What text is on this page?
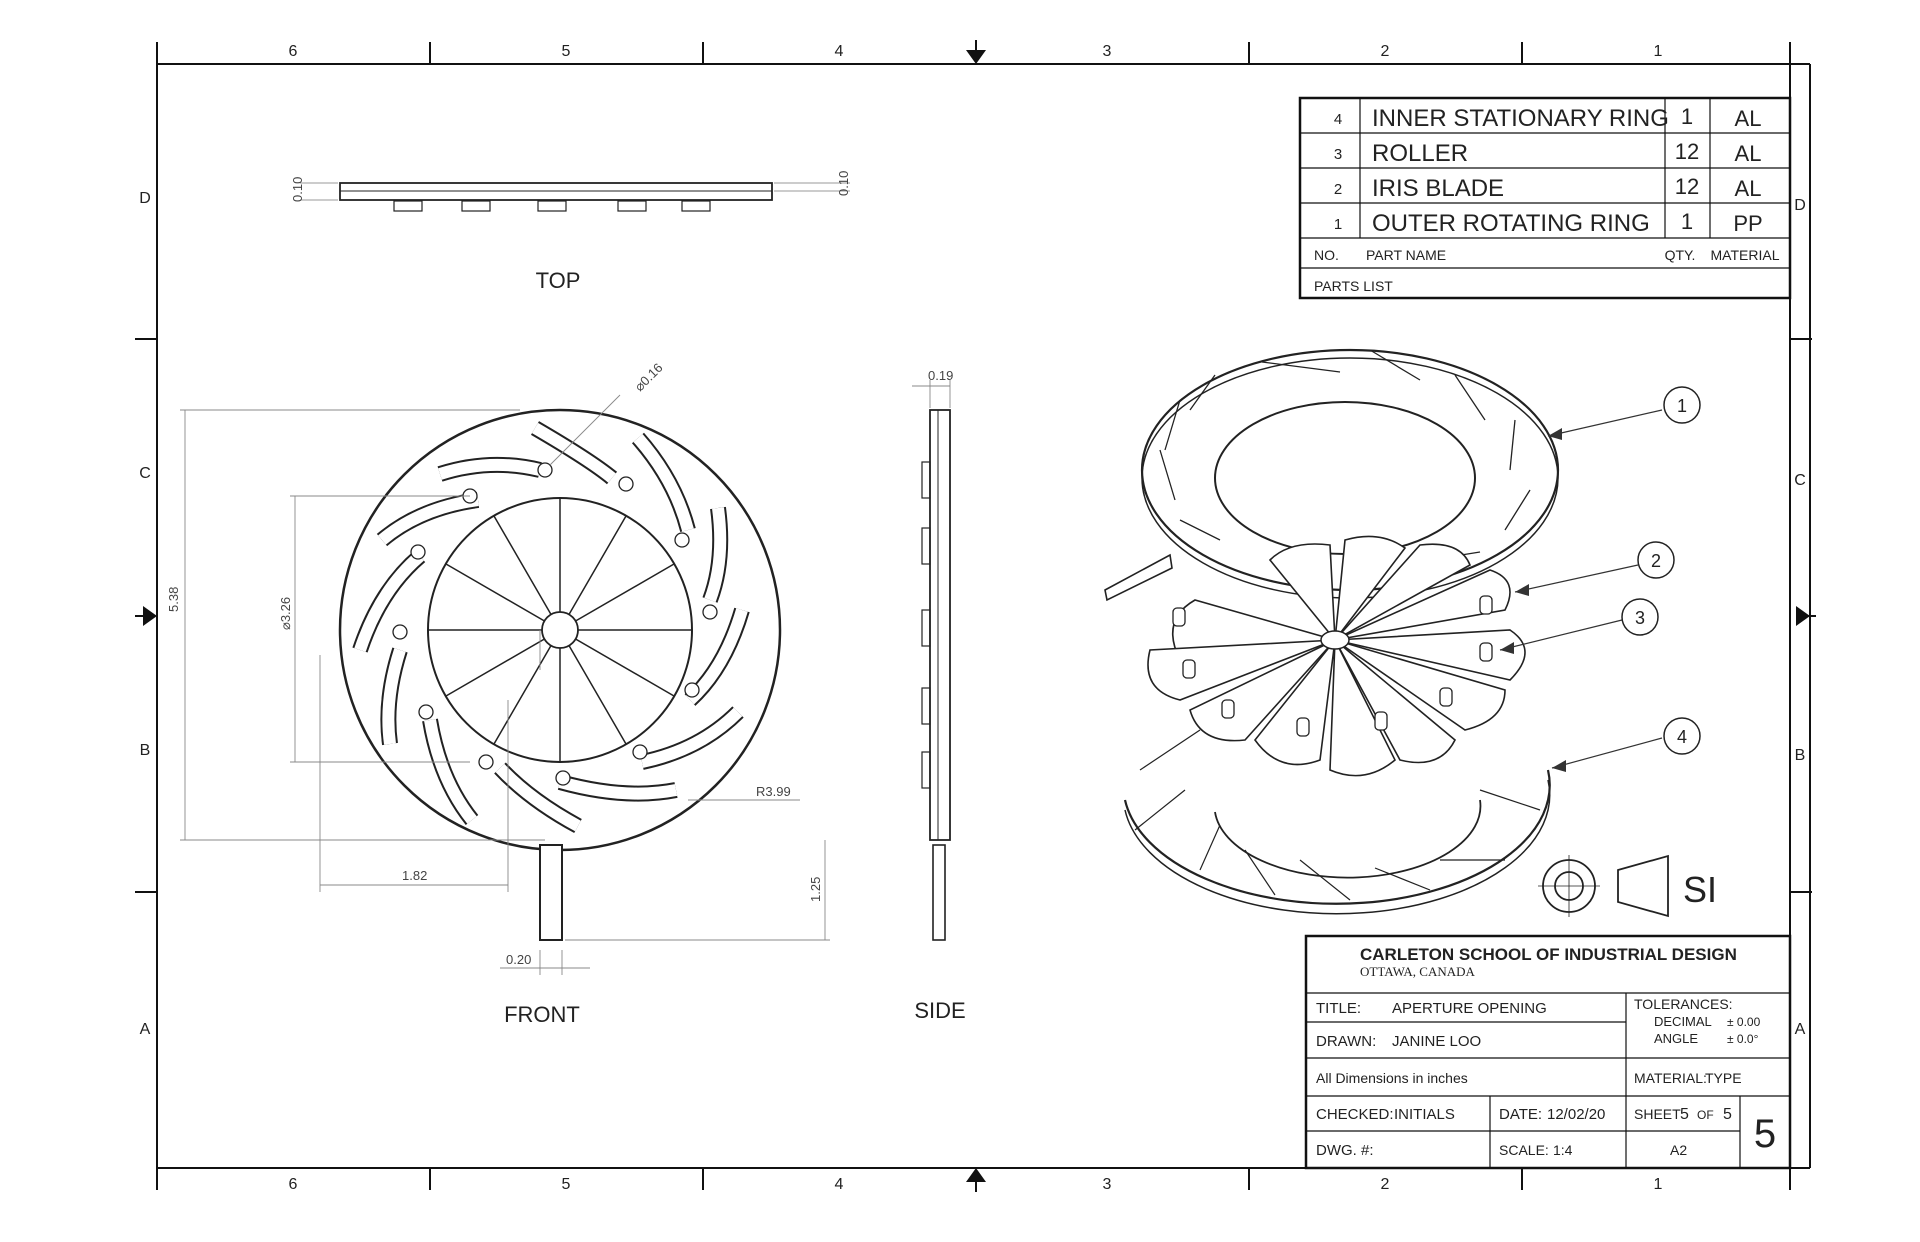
6	5	4	3	2	1
6	5	4	3	2	1
D
C
B
A
D
C
B
A
4 INNER STATIONARY RING 1 AL
3 ROLLER	12 AL
2 IRIS BLADE	12 AL
1 OUTER ROTATING RING 1 PP
NO. PART NAME	QTY. MATERIAL
PARTS LIST
0.10	0.10
TOP
⌀0.16
5.38	⌀3.26
R3.99
1.82
1.25
0.20
FRONT
0.19
SIDE
1
2
3
4
SI
CARLETON SCHOOL OF INDUSTRIAL DESIGN
OTTAWA, CANADA
TITLE: APERTURE OPENING
DRAWN: JANINE LOO
All Dimensions in inches
CHECKED: INITIALS	DATE: 12/02/20
DWG. #:	SCALE: 1:4
TOLERANCES:
DECIMAL ± 0.00
ANGLE ± 0.0°
MATERIAL:
TYPE
SHEET 5 OF 5
A2 5
